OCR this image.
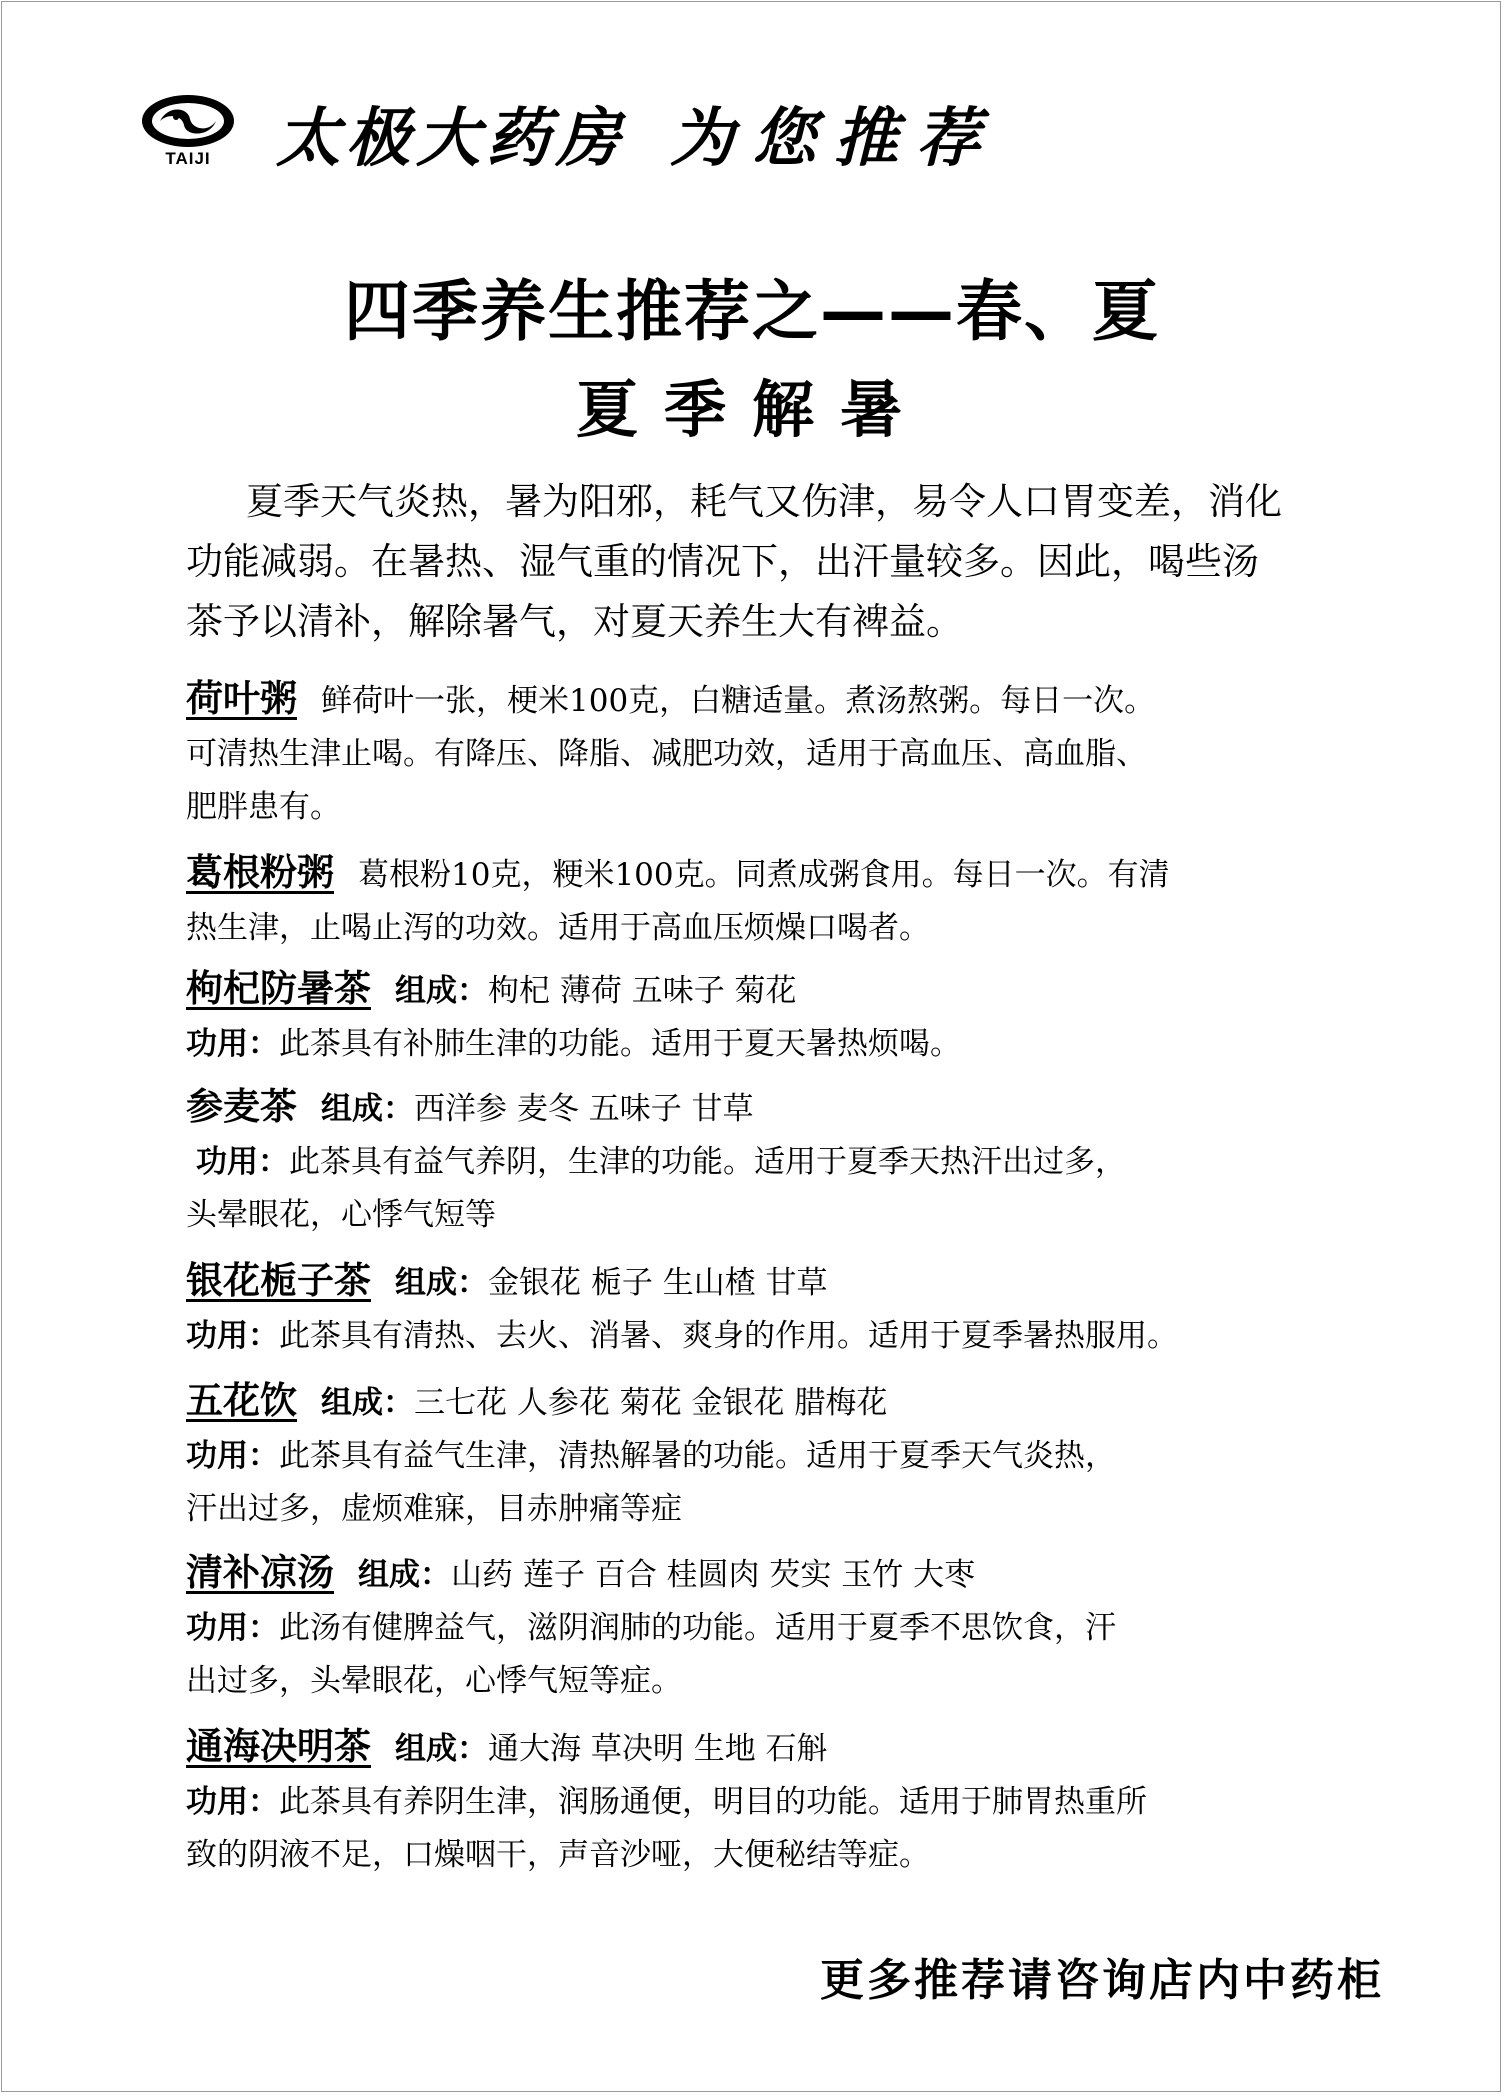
TAIJI	太极大药房 为您推荐
四季养生推荐之——春、夏
夏季解暑

夏季天气炎热，暑为阳邪，耗气又伤津，易令人口胃变差，消化

功能减弱。在暑热、湿气重的情况下，出汗量较多。因此，喝些汤

茶予以清补，解除暑气，对夏天养生大有裨益。

荷叶粥 鲜荷叶一张，梗米100克，白糖适量。煮汤熬粥。每日一次。
可清热生津止喝。有降压、降脂、减肥功效，适用于高血压、高血脂、
肥胖患有。
葛根粉粥 葛根粉10克，粳米100克。同煮成粥食用。每日一次。有清
热生津，止喝止泻的功效。适用于高血压烦燥口喝者。
枸杞防暑茶 组成：枸杞 薄荷 五味子 菊花
功用：此茶具有补肺生津的功能。适用于夏天暑热烦喝。
参麦茶 组成：西洋参 麦冬 五味子 甘草
功用：此茶具有益气养阴，生津的功能。适用于夏季天热汗出过多，
头晕眼花，心悸气短等
银花栀子茶 组成：金银花 栀子 生山楂 甘草
功用：此茶具有清热、去火、消暑、爽身的作用。适用于夏季暑热服用。
五花饮 组成：三七花 人参花 菊花 金银花 腊梅花
功用：此茶具有益气生津，清热解暑的功能。适用于夏季天气炎热，
汗出过多，虚烦难寐，目赤肿痛等症
清补凉汤 组成：山药 莲子 百合 桂圆肉 芡实 玉竹 大枣
功用：此汤有健脾益气，滋阴润肺的功能。适用于夏季不思饮食，汗
出过多，头晕眼花，心悸气短等症。
通海决明茶 组成：通大海 草决明 生地 石斛
功用：此茶具有养阴生津，润肠通便，明目的功能。适用于肺胃热重所
致的阴液不足，口燥咽干，声音沙哑，大便秘结等症。
更多推荐请咨询店内中药柜
